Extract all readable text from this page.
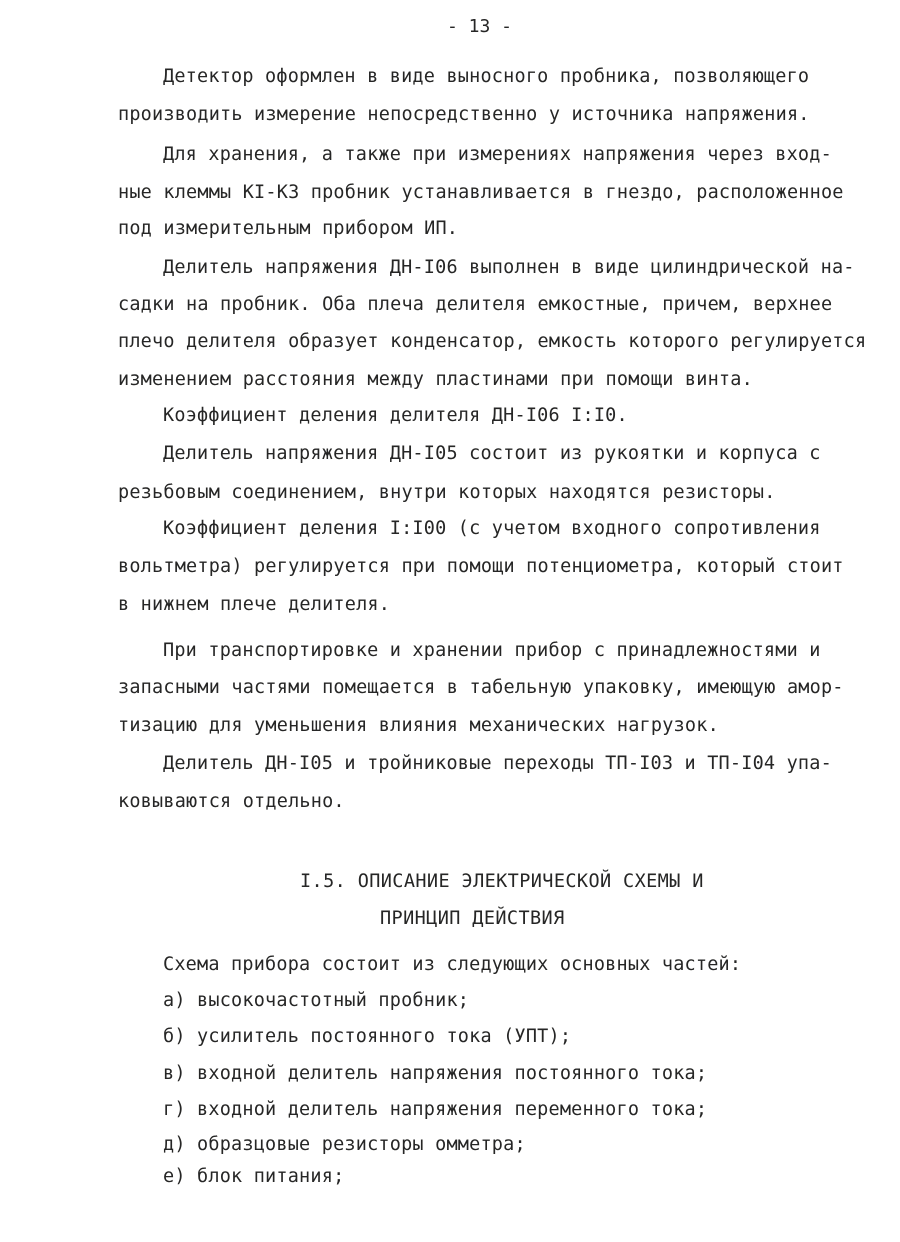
- 13 -
Детектор оформлен в виде выносного пробника, позволяющего
производить измерение непосредственно у источника напряжения.
Для хранения, а также при измерениях напряжения через вход-
ные клеммы КI-К3 пробник устанавливается в гнездо, расположенное
под измерительным прибором ИП.
Делитель напряжения ДН-I06 выполнен в виде цилиндрической на-
садки на пробник. Оба плеча делителя емкостные, причем, верхнее
плечо делителя образует конденсатор, емкость которого регулируется
изменением расстояния между пластинами при помощи винта.
Коэффициент деления делителя ДН-I06 I:I0.
Делитель напряжения ДН-I05 состоит из рукоятки и корпуса с
резьбовым соединением, внутри которых находятся резисторы.
Коэффициент деления I:I00 (с учетом входного сопротивления
вольтметра) регулируется при помощи потенциометра, который стоит
в нижнем плече делителя.
При транспортировке и хранении прибор с принадлежностями и
запасными частями помещается в табельную упаковку, имеющую амор-
тизацию для уменьшения влияния механических нагрузок.
Делитель ДН-I05 и тройниковые переходы ТП-I03 и ТП-I04 упа-
ковываются отдельно.
I.5. ОПИСАНИЕ ЭЛЕКТРИЧЕСКОЙ СХЕМЫ И
ПРИНЦИП ДЕЙСТВИЯ
Схема прибора состоит из следующих основных частей:
а) высокочастотный пробник;
б) усилитель постоянного тока (УПТ);
в) входной делитель напряжения постоянного тока;
г) входной делитель напряжения переменного тока;
д) образцовые резисторы омметра;
е) блок питания;
